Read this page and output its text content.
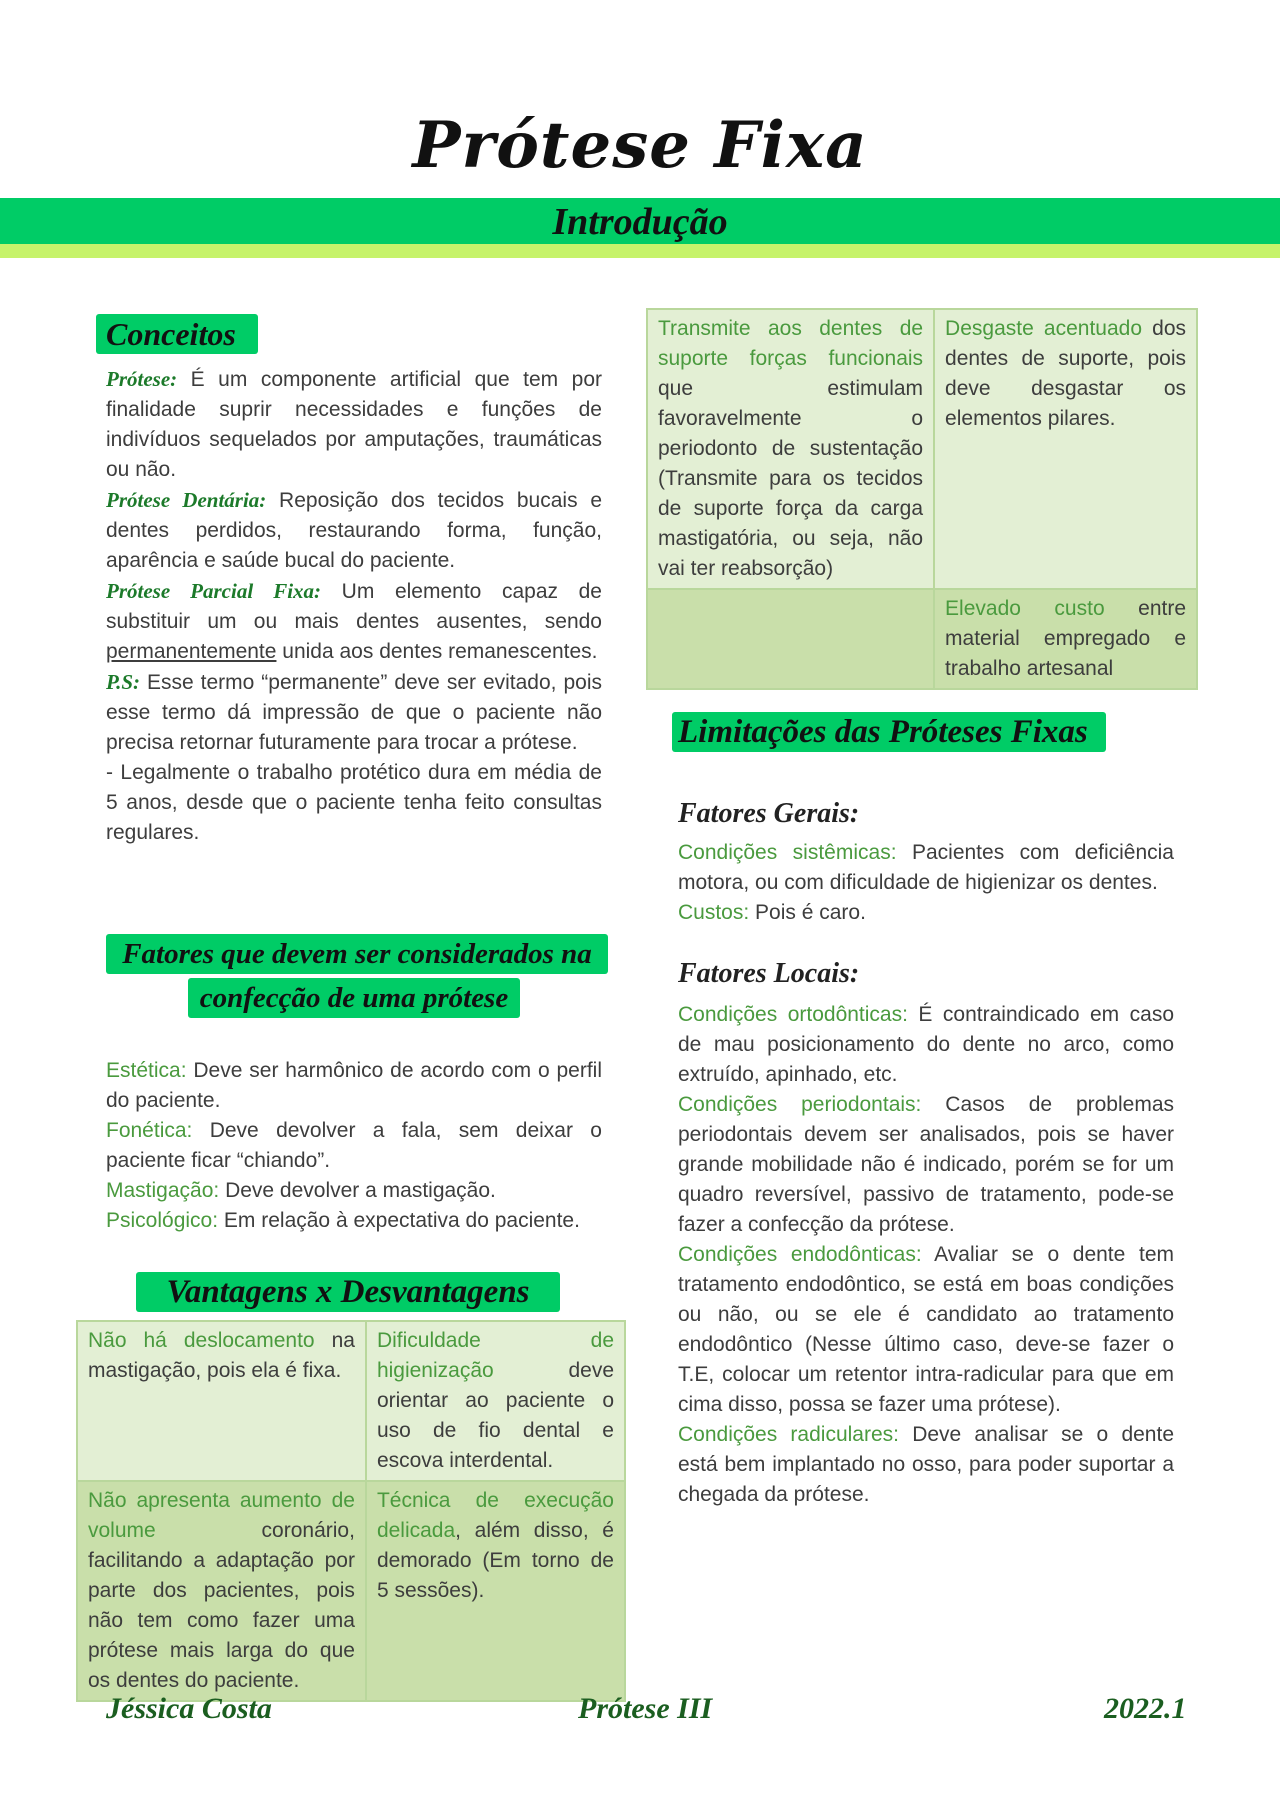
Prótese Fixa
Introdução
Conceitos

Prótese: É um componente artificial que tem por finalidade suprir necessidades e funções de indivíduos sequelados por amputações, traumáticas ou não.

Prótese Dentária: Reposição dos tecidos bucais e dentes perdidos, restaurando forma, função, aparência e saúde bucal do paciente.

Prótese Parcial Fixa: Um elemento capaz de substituir um ou mais dentes ausentes, sendo permanentemente unida aos dentes remanescentes.

P.S: Esse termo “permanente” deve ser evitado, pois esse termo dá impressão de que o paciente não precisa retornar futuramente para trocar a prótese.

- Legalmente o trabalho protético dura em média de 5 anos, desde que o paciente tenha feito consultas regulares.

Fatores que devem ser considerados na
confecção de uma prótese

Estética: Deve ser harmônico de acordo com o perfil do paciente.

Fonética: Deve devolver a fala, sem deixar o paciente ficar “chiando”.

Mastigação: Deve devolver a mastigação.

Psicológico: Em relação à expectativa do paciente.

Vantagens x Desvantagens
Não há deslocamento na mastigação, pois ela é fixa.	Dificuldade de higienização deve orientar ao paciente o uso de fio dental e escova interdental.
Não apresenta aumento de volume coronário, facilitando a adaptação por parte dos pacientes, pois não tem como fazer uma prótese mais larga do que os dentes do paciente.	Técnica de execução delicada, além disso, é demorado (Em torno de 5 sessões).
Transmite aos dentes de suporte forças funcionais que estimulam favoravelmente o periodonto de sustentação (Transmite para os tecidos de suporte força da carga mastigatória, ou seja, não vai ter reabsorção)	Desgaste acentuado dos dentes de suporte, pois deve desgastar os elementos pilares.
	Elevado custo entre material empregado e trabalho artesanal
Limitações das Próteses Fixas
Fatores Gerais:

Condições sistêmicas: Pacientes com deficiência motora, ou com dificuldade de higienizar os dentes.

Custos: Pois é caro.

Fatores Locais:

Condições ortodônticas: É contraindicado em caso de mau posicionamento do dente no arco, como extruído, apinhado, etc.

Condições periodontais: Casos de problemas periodontais devem ser analisados, pois se haver grande mobilidade não é indicado, porém se for um quadro reversível, passivo de tratamento, pode-se fazer a confecção da prótese.

Condições endodônticas: Avaliar se o dente tem tratamento endodôntico, se está em boas condições ou não, ou se ele é candidato ao tratamento endodôntico (Nesse último caso, deve-se fazer o T.E, colocar um retentor intra-radicular para que em cima disso, possa se fazer uma prótese).

Condições radiculares: Deve analisar se o dente está bem implantado no osso, para poder suportar a chegada da prótese.

Jéssica Costa	Prótese III	2022.1
